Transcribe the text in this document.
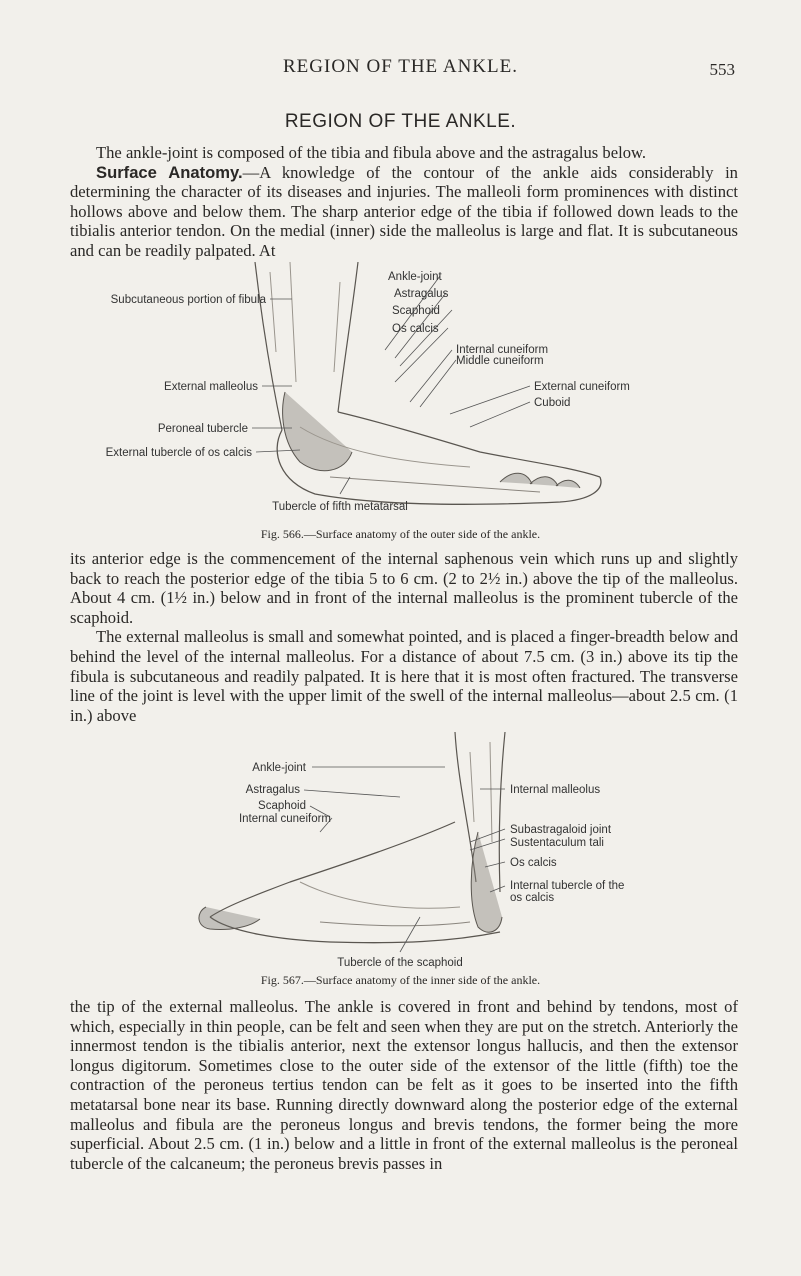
REGION OF THE ANKLE.	553
REGION OF THE ANKLE.

The ankle-joint is composed of the tibia and fibula above and the astragalus below.
Surface Anatomy.—A knowledge of the contour of the ankle aids considerably in determining the character of its diseases and injuries. The malleoli form prominences with distinct hollows above and below them. The sharp anterior edge of the tibia if followed down leads to the tibialis anterior tendon. On the medial (inner) side the malleolus is large and flat. It is subcutaneous and can be readily palpated. At

Ankle-joint
Astragalus
Scaphoid
Os calcis
Subcutaneous portion of fibula
Internal cuneiform
Middle cuneiform
External malleolus	External cuneiform
Cuboid
Peroneal tubercle
External tubercle of os calcis
Tubercle of fifth metatarsal
Fig. 566.—Surface anatomy of the outer side of the ankle.

its anterior edge is the commencement of the internal saphenous vein which runs up and slightly back to reach the posterior edge of the tibia 5 to 6 cm. (2 to 2½ in.) above the tip of the malleolus. About 4 cm. (1½ in.) below and in front of the internal malleolus is the prominent tubercle of the scaphoid.
The external malleolus is small and somewhat pointed, and is placed a finger-breadth below and behind the level of the internal malleolus. For a distance of about 7.5 cm. (3 in.) above its tip the fibula is subcutaneous and readily palpated. It is here that it is most often fractured. The transverse line of the joint is level with the upper limit of the swell of the internal malleolus—about 2.5 cm. (1 in.) above

Ankle-joint
Astragalus
Scaphoid
Internal cuneiform
Internal malleolus
Subastragaloid joint
Sustentaculum tali
Os calcis
Internal tubercle of the
os calcis
Tubercle of the scaphoid
Fig. 567.—Surface anatomy of the inner side of the ankle.

the tip of the external malleolus. The ankle is covered in front and behind by tendons, most of which, especially in thin people, can be felt and seen when they are put on the stretch. Anteriorly the innermost tendon is the tibialis anterior, next the extensor longus hallucis, and then the extensor longus digitorum. Sometimes close to the outer side of the extensor of the little (fifth) toe the contraction of the peroneus tertius tendon can be felt as it goes to be inserted into the fifth metatarsal bone near its base. Running directly downward along the posterior edge of the external malleolus and fibula are the peroneus longus and brevis tendons, the former being the more superficial. About 2.5 cm. (1 in.) below and a little in front of the external malleolus is the peroneal tubercle of the calcaneum; the peroneus brevis passes in
